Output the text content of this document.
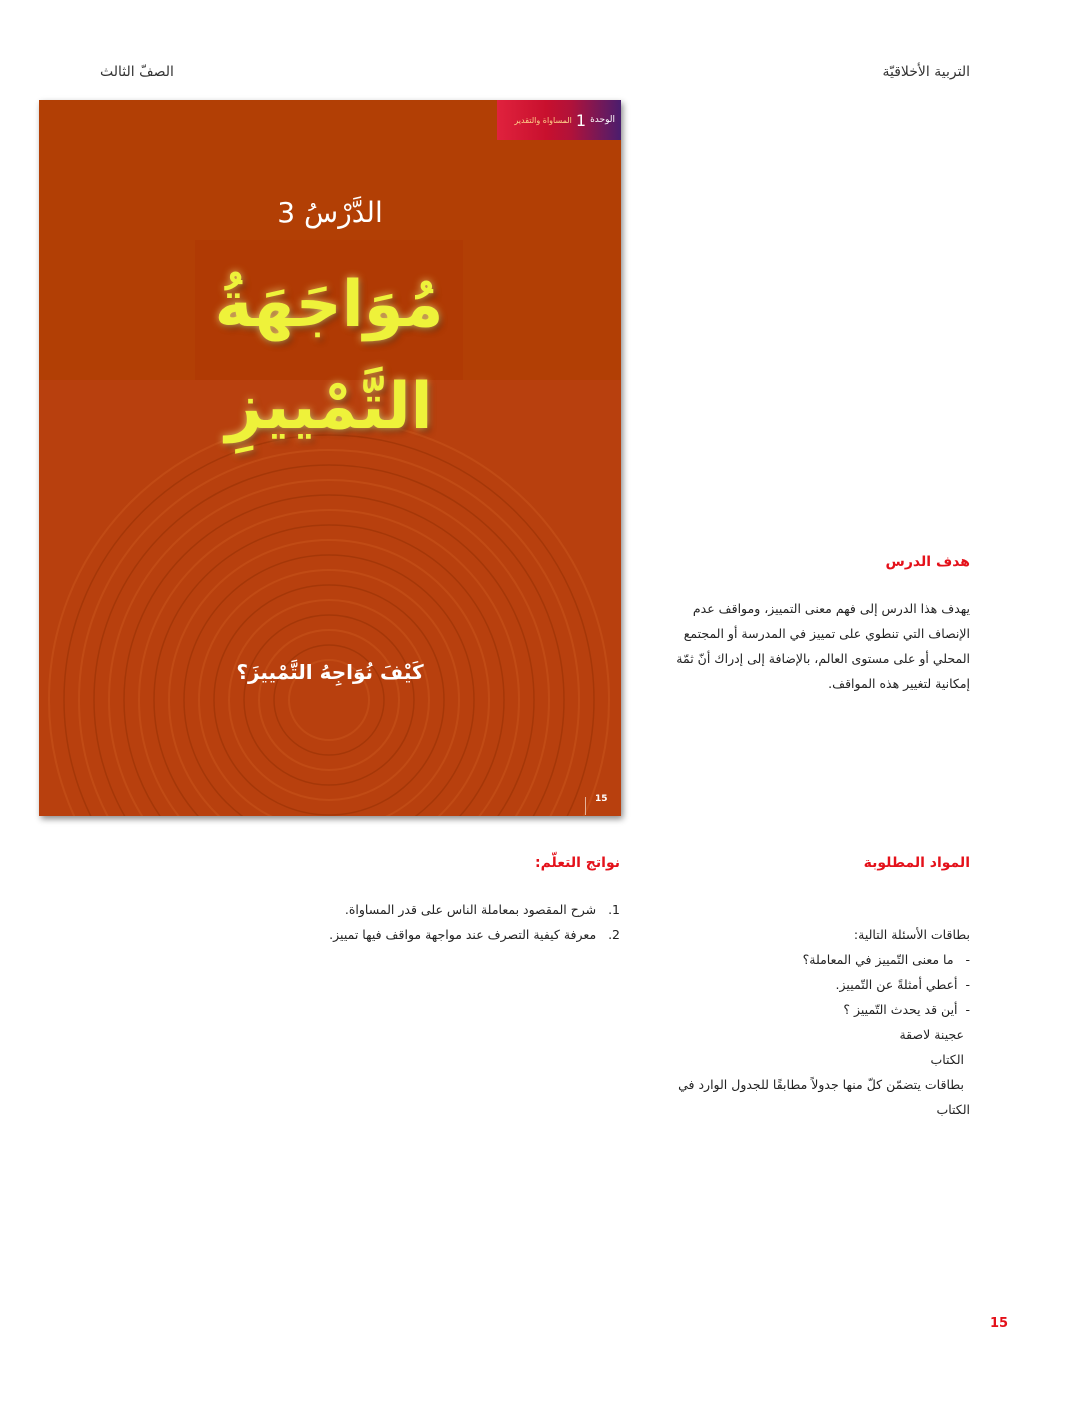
التربية الأخلاقيّة
الصفّ الثالث
الوحدة
1
المساواة والتقدير
الدَّرْسُ 3
مُوَاجَهَةُ
التَّمْييزِ
كَيْفَ نُوَاجِهُ التَّمْييزَ؟
15
هدف الدرس
يهدف هذا الدرس إلى فهم معنى التمييز، ومواقف عدم
الإنصاف التي تنطوي على تمييز في المدرسة أو المجتمع
المحلي أو على مستوى العالم، بالإضافة إلى إدراك أنّ ثمّة
إمكانية لتغيير هذه المواقف.
نواتج التعلّم:
1.   شرح المقصود بمعاملة الناس على قدر المساواة.
2.   معرفة كيفية التصرف عند مواجهة مواقف فيها تمييز.
المواد المطلوبة
بطاقات الأسئلة التالية:
-   ما معنى التّمييز في المعاملة؟
-  أعطي أمثلةً عن التّمييز.
-  أين قد يحدث التّمييز ؟
عجينة لاصقة
الكتاب
بطاقات يتضمّن كلّ منها جدولاً مطابقًا للجدول الوارد في
الكتاب
15
